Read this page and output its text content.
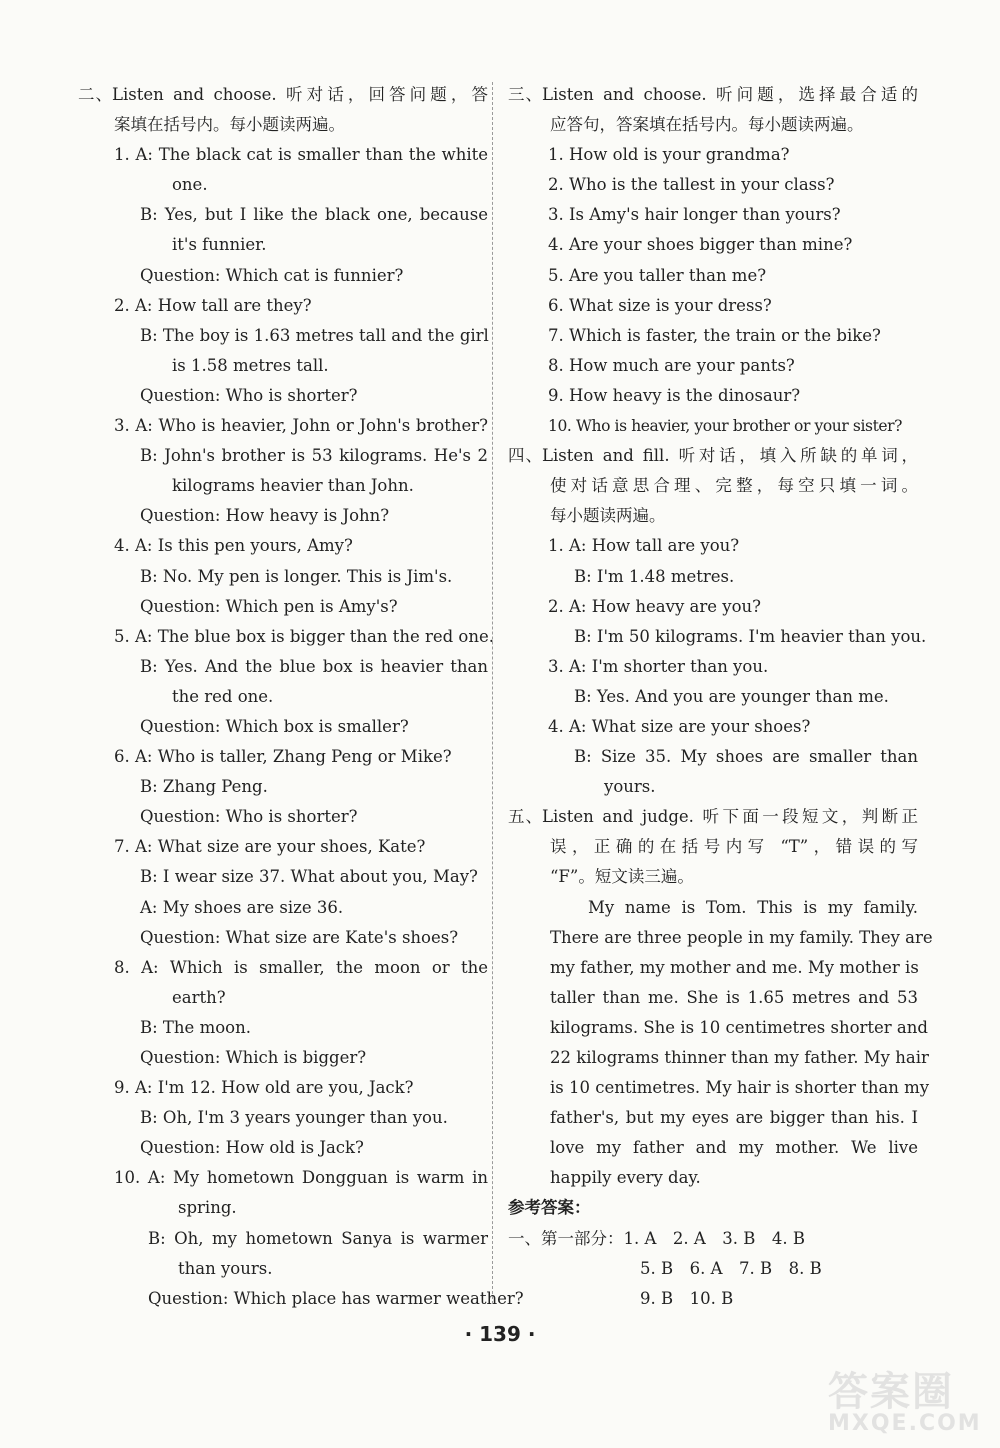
二、Listen and choose. 听对话，回答问题，答
案填在括号内。每小题读两遍。
1. A: The black cat is smaller than the white
one.
B: Yes, but I like the black one, because
it's funnier.
Question: Which cat is funnier?
2. A: How tall are they?
B: The boy is 1.63 metres tall and the girl
is 1.58 metres tall.
Question: Who is shorter?
3. A: Who is heavier, John or John's brother?
B: John's brother is 53 kilograms. He's 2
kilograms heavier than John.
Question: How heavy is John?
4. A: Is this pen yours, Amy?
B: No. My pen is longer. This is Jim's.
Question: Which pen is Amy's?
5. A: The blue box is bigger than the red one.
B: Yes. And the blue box is heavier than
the red one.
Question: Which box is smaller?
6. A: Who is taller, Zhang Peng or Mike?
B: Zhang Peng.
Question: Who is shorter?
7. A: What size are your shoes, Kate?
B: I wear size 37. What about you, May?
A: My shoes are size 36.
Question: What size are Kate's shoes?
8. A: Which is smaller, the moon or the
earth?
B: The moon.
Question: Which is bigger?
9. A: I'm 12. How old are you, Jack?
B: Oh, I'm 3 years younger than you.
Question: How old is Jack?
10. A: My hometown Dongguan is warm in
spring.
B: Oh, my hometown Sanya is warmer
than yours.
Question: Which place has warmer weather?
三、Listen and choose. 听问题，选择最合适的
应答句，答案填在括号内。每小题读两遍。
1. How old is your grandma?
2. Who is the tallest in your class?
3. Is Amy's hair longer than yours?
4. Are your shoes bigger than mine?
5. Are you taller than me?
6. What size is your dress?
7. Which is faster, the train or the bike?
8. How much are your pants?
9. How heavy is the dinosaur?
10. Who is heavier, your brother or your sister?
四、Listen and fill. 听对话，填入所缺的单词，
使对话意思合理、完整，每空只填一词。
每小题读两遍。
1. A: How tall are you?
B: I'm 1.48 metres.
2. A: How heavy are you?
B: I'm 50 kilograms. I'm heavier than you.
3. A: I'm shorter than you.
B: Yes. And you are younger than me.
4. A: What size are your shoes?
B: Size 35. My shoes are smaller than
yours.
五、Listen and judge. 听下面一段短文，判断正
误，正确的在括号内写 “T”，错误的写
“F”。短文读三遍。
My name is Tom. This is my family.
There are three people in my family. They are
my father, my mother and me. My mother is
taller than me. She is 1.65 metres and 53
kilograms. She is 10 centimetres shorter and
22 kilograms thinner than my father. My hair
is 10 centimetres. My hair is shorter than my
father's, but my eyes are bigger than his. I
love my father and my mother. We live
happily every day.
参考答案：
一、第一部分：1. A　2. A　3. B　4. B
5. B　6. A　7. B　8. B
9. B　10. B
· 139 ·
答案圈
MXQE.COM
